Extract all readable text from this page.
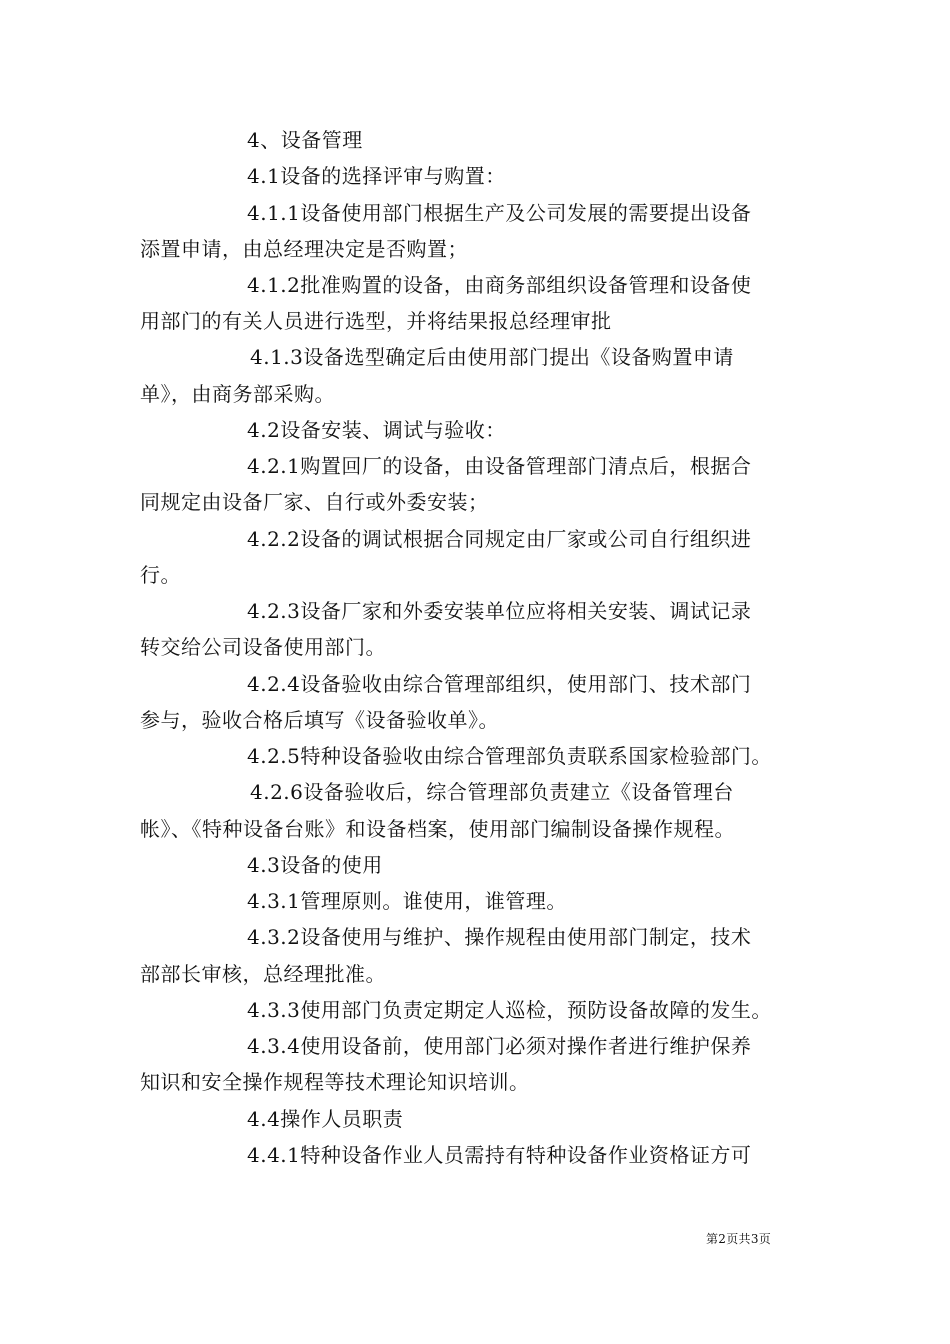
4、设备管理
4.1设备的选择评审与购置：
4.1.1设备使用部门根据生产及公司发展的需要提出设备
添置申请，由总经理决定是否购置；
4.1.2批准购置的设备，由商务部组织设备管理和设备使
用部门的有关人员进行选型，并将结果报总经理审批
4.1.3设备选型确定后由使用部门提出《设备购置申请
单》，由商务部采购。
4.2设备安装、调试与验收：
4.2.1购置回厂的设备，由设备管理部门清点后，根据合
同规定由设备厂家、自行或外委安装；
4.2.2设备的调试根据合同规定由厂家或公司自行组织进
行。
4.2.3设备厂家和外委安装单位应将相关安装、调试记录
转交给公司设备使用部门。
4.2.4设备验收由综合管理部组织，使用部门、技术部门
参与，验收合格后填写《设备验收单》。
4.2.5特种设备验收由综合管理部负责联系国家检验部门。
4.2.6设备验收后，综合管理部负责建立《设备管理台
帐》、《特种设备台账》和设备档案，使用部门编制设备操作规程。
4.3设备的使用
4.3.1管理原则。谁使用，谁管理。
4.3.2设备使用与维护、操作规程由使用部门制定，技术
部部长审核，总经理批准。
4.3.3使用部门负责定期定人巡检，预防设备故障的发生。
4.3.4使用设备前，使用部门必须对操作者进行维护保养
知识和安全操作规程等技术理论知识培训。
4.4操作人员职责
4.4.1特种设备作业人员需持有特种设备作业资格证方可
第2页共3页
